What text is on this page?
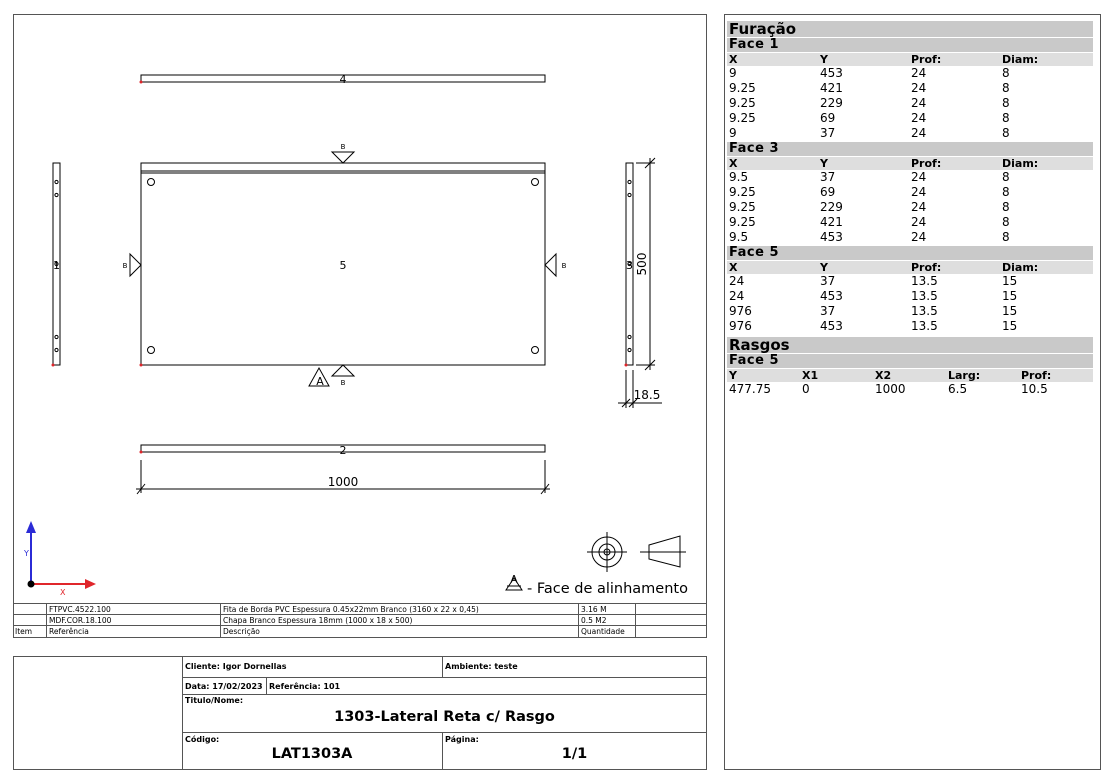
4
5
2
1	3
1000
500
18.5
B
B
B	B
A
A
- Face de alinhamento
X
Y
Furação
Face 1
X	Y	Prof:	Diam:
9	453	24	8
9.25	421	24	8
9.25	229	24	8
9.25	69	24	8
9	37	24	8
Face 3
X	Y	Prof:	Diam:
9.5	37	24	8
9.25	69	24	8
9.25	229	24	8
9.25	421	24	8
9.5	453	24	8
Face 5
X	Y	Prof:	Diam:
24	37	13.5	15
24	453	13.5	15
976	37	13.5	15
976	453	13.5	15
Rasgos
Face 5
Y	X1	X2	Larg:	Prof:
477.75	0	1000	6.5	10.5
FTPVC.4522.100	Fita de Borda PVC Espessura 0.45x22mm Branco (3160 x 22 x 0,45)	3.16 M
MDF.COR.18.100	Chapa Branco Espessura 18mm (1000 x 18 x 500)	0.5 M2
Item	Referência	Descrição	Quantidade
Cliente: Igor Dornellas	Ambiente: teste
Data: 17/02/2023 Referência: 101
Titulo/Nome:
1303-Lateral Reta c/ Rasgo
Código:
LAT1303A
Página:
1/1
